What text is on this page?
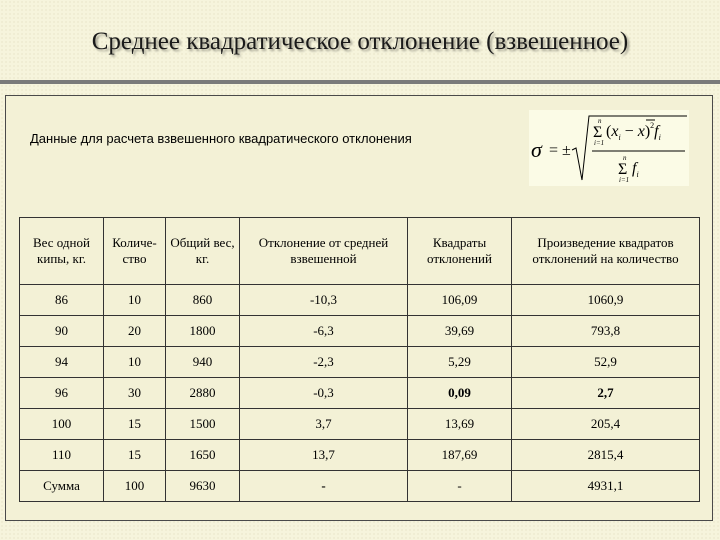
Среднее квадратическое отклонение (взвешенное)
Данные для расчета взвешенного квадратического отклонения	σ = ±
n
Σ
i=1
$(x_i - x)^2f_i$
n
Σ
i=1
$f_i$
Вес одной кипы, кг.	Количе-ство	Общий вес, кг.	Отклонение от средней взвешенной	Квадраты отклонений	Произведение квадратов отклонений на количество
86	10	860	-10,3	106,09	1060,9
90	20	1800	-6,3	39,69	793,8
94	10	940	-2,3	5,29	52,9
96	30	2880	-0,3	0,09	2,7
100	15	1500	3,7	13,69	205,4
110	15	1650	13,7	187,69	2815,4
Сумма	100	9630	-	-	4931,1
